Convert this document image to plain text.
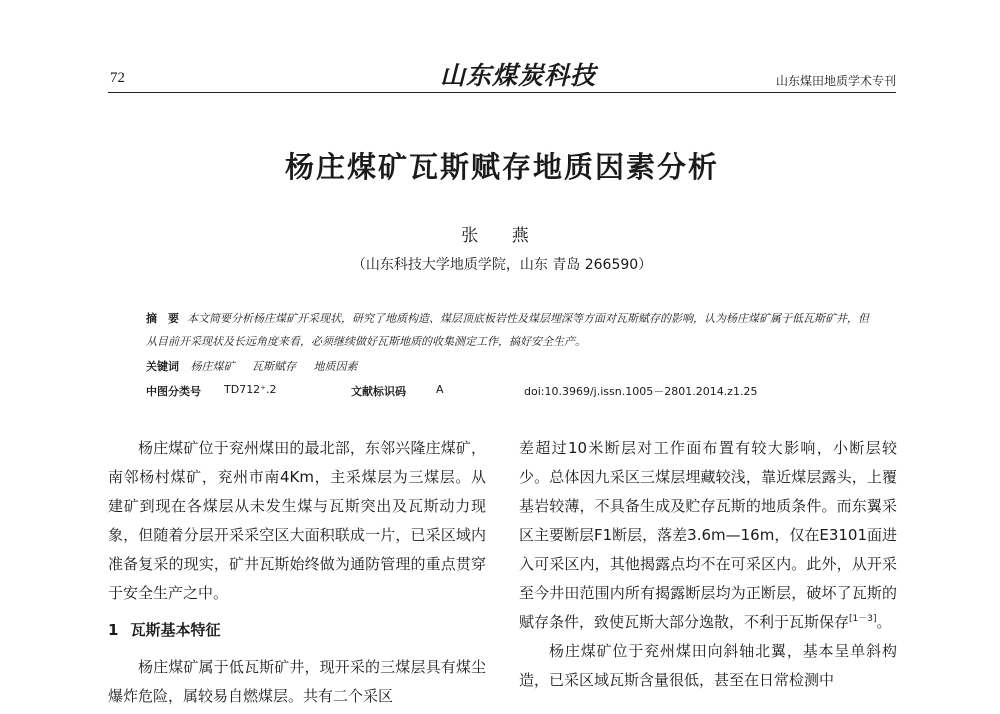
72	山东煤炭科技	山东煤田地质学术专刊
杨庄煤矿瓦斯赋存地质因素分析
张 燕
（山东科技大学地质学院，山东 青岛 266590）
摘　要 本文简要分析杨庄煤矿开采现状，研究了地质构造、煤层顶底板岩性及煤层埋深等方面对瓦斯赋存的影响，认为杨庄煤矿属于低瓦斯矿井，但从目前开采现状及长远角度来看，必须继续做好瓦斯地质的收集测定工作，搞好安全生产。
关键词 杨庄煤矿 瓦斯赋存 地质因素
中图分类号 TD712⁺.2	文献标识码	A	doi:10.3969/j.issn.1005－2801.2014.z1.25

杨庄煤矿位于兖州煤田的最北部，东邻兴隆庄煤矿，南邻杨村煤矿，兖州市南4Km，主采煤层为三煤层。从建矿到现在各煤层从未发生煤与瓦斯突出及瓦斯动力现象，但随着分层开采采空区大面积联成一片，已采区域内准备复采的现实，矿井瓦斯始终做为通防管理的重点贯穿于安全生产之中。

1 瓦斯基本特征

杨庄煤矿属于低瓦斯矿井，现开采的三煤层具有煤尘爆炸危险，属较易自燃煤层。共有二个采区

差超过10米断层对工作面布置有较大影响，小断层较少。总体因九采区三煤层埋藏较浅，靠近煤层露头，上覆基岩较薄，不具备生成及贮存瓦斯的地质条件。而东翼采区主要断层F1断层，落差3.6m—16m，仅在E3101面进入可采区内，其他揭露点均不在可采区内。此外，从开采至今井田范围内所有揭露断层均为正断层，破坏了瓦斯的赋存条件，致使瓦斯大部分逸散，不利于瓦斯保存[1－3]。

杨庄煤矿位于兖州煤田向斜轴北翼，基本呈单斜构造，已采区域瓦斯含量很低，甚至在日常检测中
